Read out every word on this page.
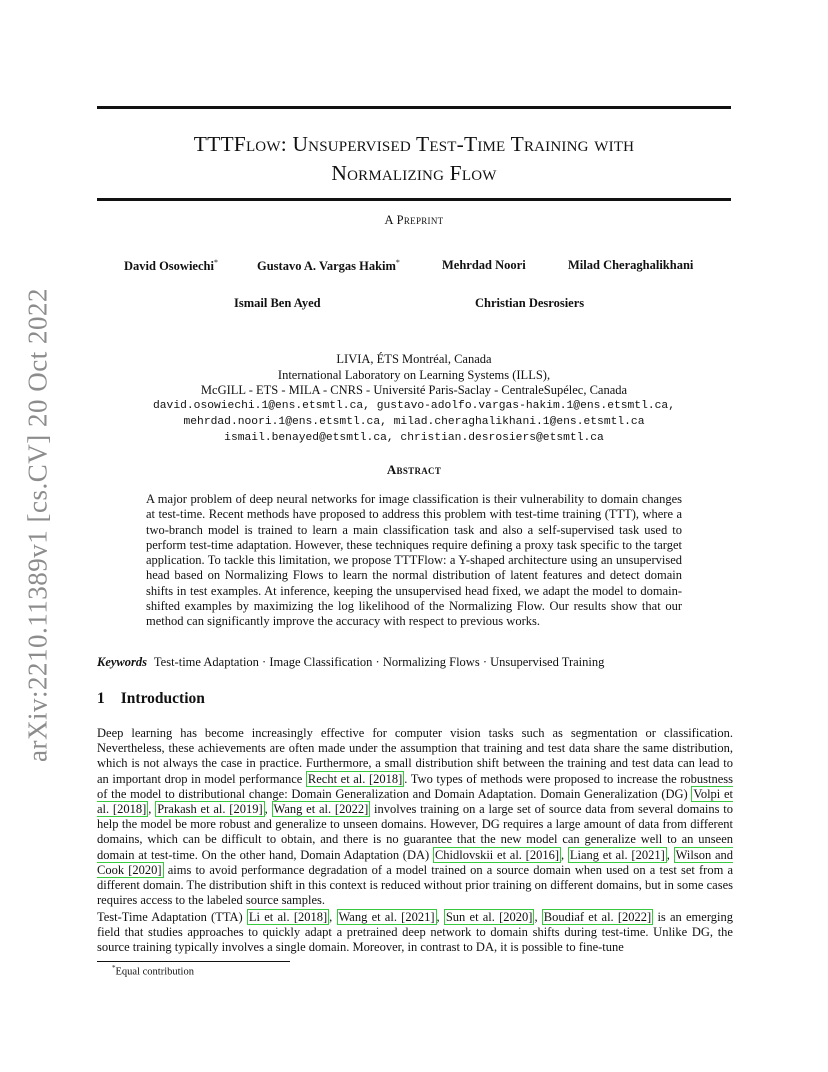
arXiv:2210.11389v1 [cs.CV] 20 Oct 2022
TTTFlow: Unsupervised Test-Time Training with
Normalizing Flow
A Preprint
David Osowiechi*	Gustavo A. Vargas Hakim*	Mehrdad Noori	Milad Cheraghalikhani
Ismail Ben Ayed	Christian Desrosiers
LIVIA, ÉTS Montréal, Canada
International Laboratory on Learning Systems (ILLS),
McGILL - ETS - MILA - CNRS - Université Paris-Saclay - CentraleSupélec, Canada
david.osowiechi.1@ens.etsmtl.ca, gustavo-adolfo.vargas-hakim.1@ens.etsmtl.ca,
mehrdad.noori.1@ens.etsmtl.ca, milad.cheraghalikhani.1@ens.etsmtl.ca
ismail.benayed@etsmtl.ca, christian.desrosiers@etsmtl.ca
Abstract
A major problem of deep neural networks for image classification is their vulnerability to domain changes at test-time. Recent methods have proposed to address this problem with test-time training (TTT), where a two-branch model is trained to learn a main classification task and also a self-supervised task used to perform test-time adaptation. However, these techniques require defining a proxy task specific to the target application. To tackle this limitation, we propose TTTFlow: a Y-shaped architecture using an unsupervised head based on Normalizing Flows to learn the normal distribution of latent features and detect domain shifts in test examples. At inference, keeping the unsupervised head fixed, we adapt the model to domain-shifted examples by maximizing the log likelihood of the Normalizing Flow. Our results show that our method can significantly improve the accuracy with respect to previous works.
Keywords Test-time Adaptation · Image Classification · Normalizing Flows · Unsupervised Training
1 Introduction
Deep learning has become increasingly effective for computer vision tasks such as segmentation or classification. Nevertheless, these achievements are often made under the assumption that training and test data share the same distribution, which is not always the case in practice. Furthermore, a small distribution shift between the training and test data can lead to an important drop in model performance Recht et al. [2018] . Two types of methods were proposed to increase the robustness of the model to distributional change: Domain Generalization and Domain Adaptation. Domain Generalization (DG) Volpi et al. [2018] , Prakash et al. [2019] , Wang et al. [2022] involves training on a large set of source data from several domains to help the model be more robust and generalize to unseen domains. However, DG requires a large amount of data from different domains, which can be difficult to obtain, and there is no guarantee that the new model can generalize well to an unseen domain at test-time. On the other hand, Domain Adaptation (DA) Chidlovskii et al. [2016] , Liang et al. [2021] , Wilson and Cook [2020] aims to avoid performance degradation of a model trained on a source domain when used on a test set from a different domain. The distribution shift in this context is reduced without prior training on different domains, but in some cases requires access to the labeled source samples.
Test-Time Adaptation (TTA) Li et al. [2018] , Wang et al. [2021] , Sun et al. [2020] , Boudiaf et al. [2022] is an emerging field that studies approaches to quickly adapt a pretrained deep network to domain shifts during test-time. Unlike DG, the source training typically involves a single domain. Moreover, in contrast to DA, it is possible to fine-tune
*Equal contribution
